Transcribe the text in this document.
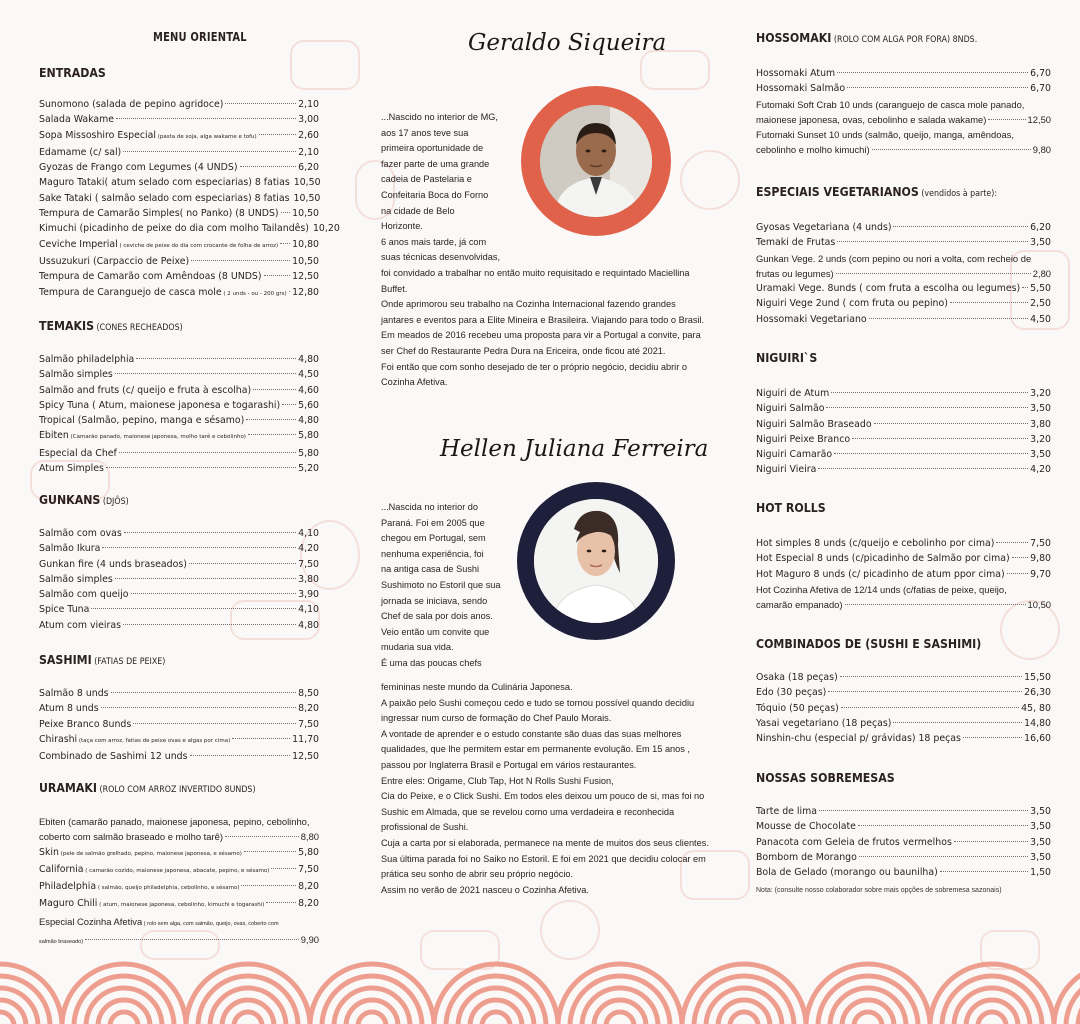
MENU ORIENTAL
ENTRADAS
Sunomono (salada de pepino agridoce)	2,10
Salada Wakame	3,00
Sopa Missoshiro Especial (pasta de soja, alga wakame e tofu)	2,60
Edamame (c/ sal)	2,10
Gyozas de Frango com Legumes (4 UNDS)	6,20
Maguro Tataki( atum selado com especiarias) 8 fatias 10,50
Sake Tataki ( salmão selado com especiarias) 8 fatias 10,50
Tempura de Camarão Simples( no Panko) (8 UNDS) 10,50
Kimuchi (picadinho de peixe do dia com molho Tailandês) 10,20
Ceviche Imperial ( ceviche de peixe do dia com crocante de folha de arroz) 10,80
Ussuzukuri (Carpaccio de Peixe)	10,50
Tempura de Camarão com Amêndoas (8 UNDS)	12,50
Tempura de Caranguejo de casca mole ( 2 unds - ou - 200 grs) 12,80
TEMAKIS (CONES RECHEADOS)
Salmão philadelphia	4,80
Salmão simples	4,50
Salmão and fruts (c/ queijo e fruta à escolha)	4,60
Spicy Tuna ( Atum, maionese japonesa e togarashi) 5,60
Tropical (Salmão, pepino, manga e sésamo)	4,80
Ebiten (Camarão panado, maionese japonesa, molho tarê e cebolinho)	5,80
Especial da Chef	5,80
Atum Simples	5,20
GUNKANS (DJÔS)
Salmão com ovas	4,10
Salmão Ikura	4,20
Gunkan fire (4 unds braseados)	7,50
Salmão simples	3,80
Salmão com queijo	3,90
Spice Tuna	4,10
Atum com vieiras	4,80
SASHIMI (FATIAS DE PEIXE)
Salmão 8 unds	8,50
Atum 8 unds	8,20
Peixe Branco 8unds	7,50
Chirashi (taça com arroz, fatias de peixe ovas e algas por cima)	11,70
Combinado de Sashimi 12 unds	12,50
URAMAKI (ROLO COM ARROZ INVERTIDO 8UNDS)
Ebiten (camarão panado, maionese japonesa, pepino, cebolinho,
coberto com salmão braseado e molho tarê)	8,80
Skin (pele de salmão grelhado, pepino, maionese japonesa, e sésamo)	5,80
California ( camarão cozido, maionese japonesa, abacate, pepino, e sésamo)	7,50
Philadelphia ( salmão, queijo philadelphia, cebolinho, e sésamo)	8,20
Maguro Chili ( atum, maionese japonesa, cebolinho, kimuchi e togarashi)	8,20
Especial Cozinha Afetiva ( rolo sem alga, com salmão, queijo, ovas, coberto com
salmão braseado)	9,90
Geraldo Siqueira
...Nascido no interior de MG,
aos 17 anos teve sua
primeira oportunidade de
fazer parte de uma grande
cadeia de Pastelaria e
Confeitaria Boca do Forno
na cidade de Belo
Horizonte.
6 anos mais tarde, já com
suas técnicas desenvolvidas,
foi convidado a trabalhar no então muito requisitado e requintado Maciellina Buffet.
Onde aprimorou seu trabalho na Cozinha Internacional fazendo grandes jantares e eventos para a Elite Mineira e Brasileira. Viajando para todo o Brasil.
Em meados de 2016 recebeu uma proposta para vir a Portugal a convite, para ser Chef do Restaurante Pedra Dura na Ericeira, onde ficou até 2021.
Foi então que com sonho desejado de ter o próprio negócio, decidiu abrir o Cozinha Afetiva.
Hellen Juliana Ferreira
...Nascida no interior do
Paraná. Foi em 2005 que
chegou em Portugal, sem
nenhuma experiência, foi
na antiga casa de Sushi
Sushimoto no Estoril que sua
jornada se iniciava, sendo
Chef de sala por dois anos.
Veio então um convite que
mudaria sua vida.
É uma das poucas chefs
femininas neste mundo da Culinária Japonesa.
A paixão pelo Sushi começou cedo e tudo se tornou possível quando decidiu ingressar num curso de formação do Chef Paulo Morais.
A vontade de aprender e o estudo constante são duas das suas melhores qualidades, que lhe permitem estar em permanente evolução. Em 15 anos , passou por Inglaterra Brasil e Portugal em vários restaurantes.
Entre eles: Origame, Club Tap, Hot N Rolls Sushi Fusion,
Cia do Peixe, e o Click Sushi. Em todos eles deixou um pouco de si, mas foi no Sushic em Almada, que se revelou como uma verdadeira e reconhecida profissional de Sushi.
Cuja a carta por si elaborada, permanece na mente de muitos dos seus clientes. Sua última parada foi no Saiko no Estoril. E foi em 2021 que decidiu colocar em prática seu sonho de abrir seu próprio negócio.
Assim no verão de 2021 nasceu o Cozinha Afetiva.
HOSSOMAKI (ROLO COM ALGA POR FORA) 8NDS.
Hossomaki Atum	6,70
Hossomaki Salmão	6,70
Futomaki Soft Crab 10 unds (caranguejo de casca mole panado,
maionese japonesa, ovas, cebolinho e salada wakame)	12,50
Futomaki Sunset 10 unds (salmão, queijo, manga, amêndoas,
cebolinho e molho kimuchi)	9,80
ESPECIAIS VEGETARIANOS (vendidos à parte):
Gyosas Vegetariana (4 unds)	6,20
Temaki de Frutas	3,50
Gunkan Vege. 2 unds (com pepino ou nori a volta, com recheio de
frutas ou legumes)	2,80
Uramaki Vege. 8unds ( com fruta a escolha ou legumes) 5,50
Niguiri Vege 2und ( com fruta ou pepino)	2,50
Hossomaki Vegetariano	4,50
NIGUIRI`S
Niguiri de Atum	3,20
Niguiri Salmão	3,50
Niguiri Salmão Braseado	3,80
Niguiri Peixe Branco	3,20
Niguiri Camarão	3,50
Niguiri Vieira	4,20
HOT ROLLS
Hot simples 8 unds (c/queijo e cebolinho por cima)	7,50
Hot Especial 8 unds (c/picadinho de Salmão por cima) 9,80
Hot Maguro 8 unds (c/ picadinho de atum ppor cima)	9,70
Hot Cozinha Afetiva de 12/14 unds (c/fatias de peixe, queijo,
camarão empanado)	10,50
COMBINADOS DE (SUSHI E SASHIMI)
Osaka (18 peças)	15,50
Edo (30 peças)	26,30
Tóquio (50 peças)	45, 80
Yasai vegetariano (18 peças)	14,80
Ninshin-chu (especial p/ grávidas) 18 peças	16,60
NOSSAS SOBREMESAS
Tarte de lima	3,50
Mousse de Chocolate	3,50
Panacota com Geleia de frutos vermelhos	3,50
Bombom de Morango	3,50
Bola de Gelado (morango ou baunilha)	1,50
Nota: (consulte nosso colaborador sobre mais opções de sobremesa sazonais)
